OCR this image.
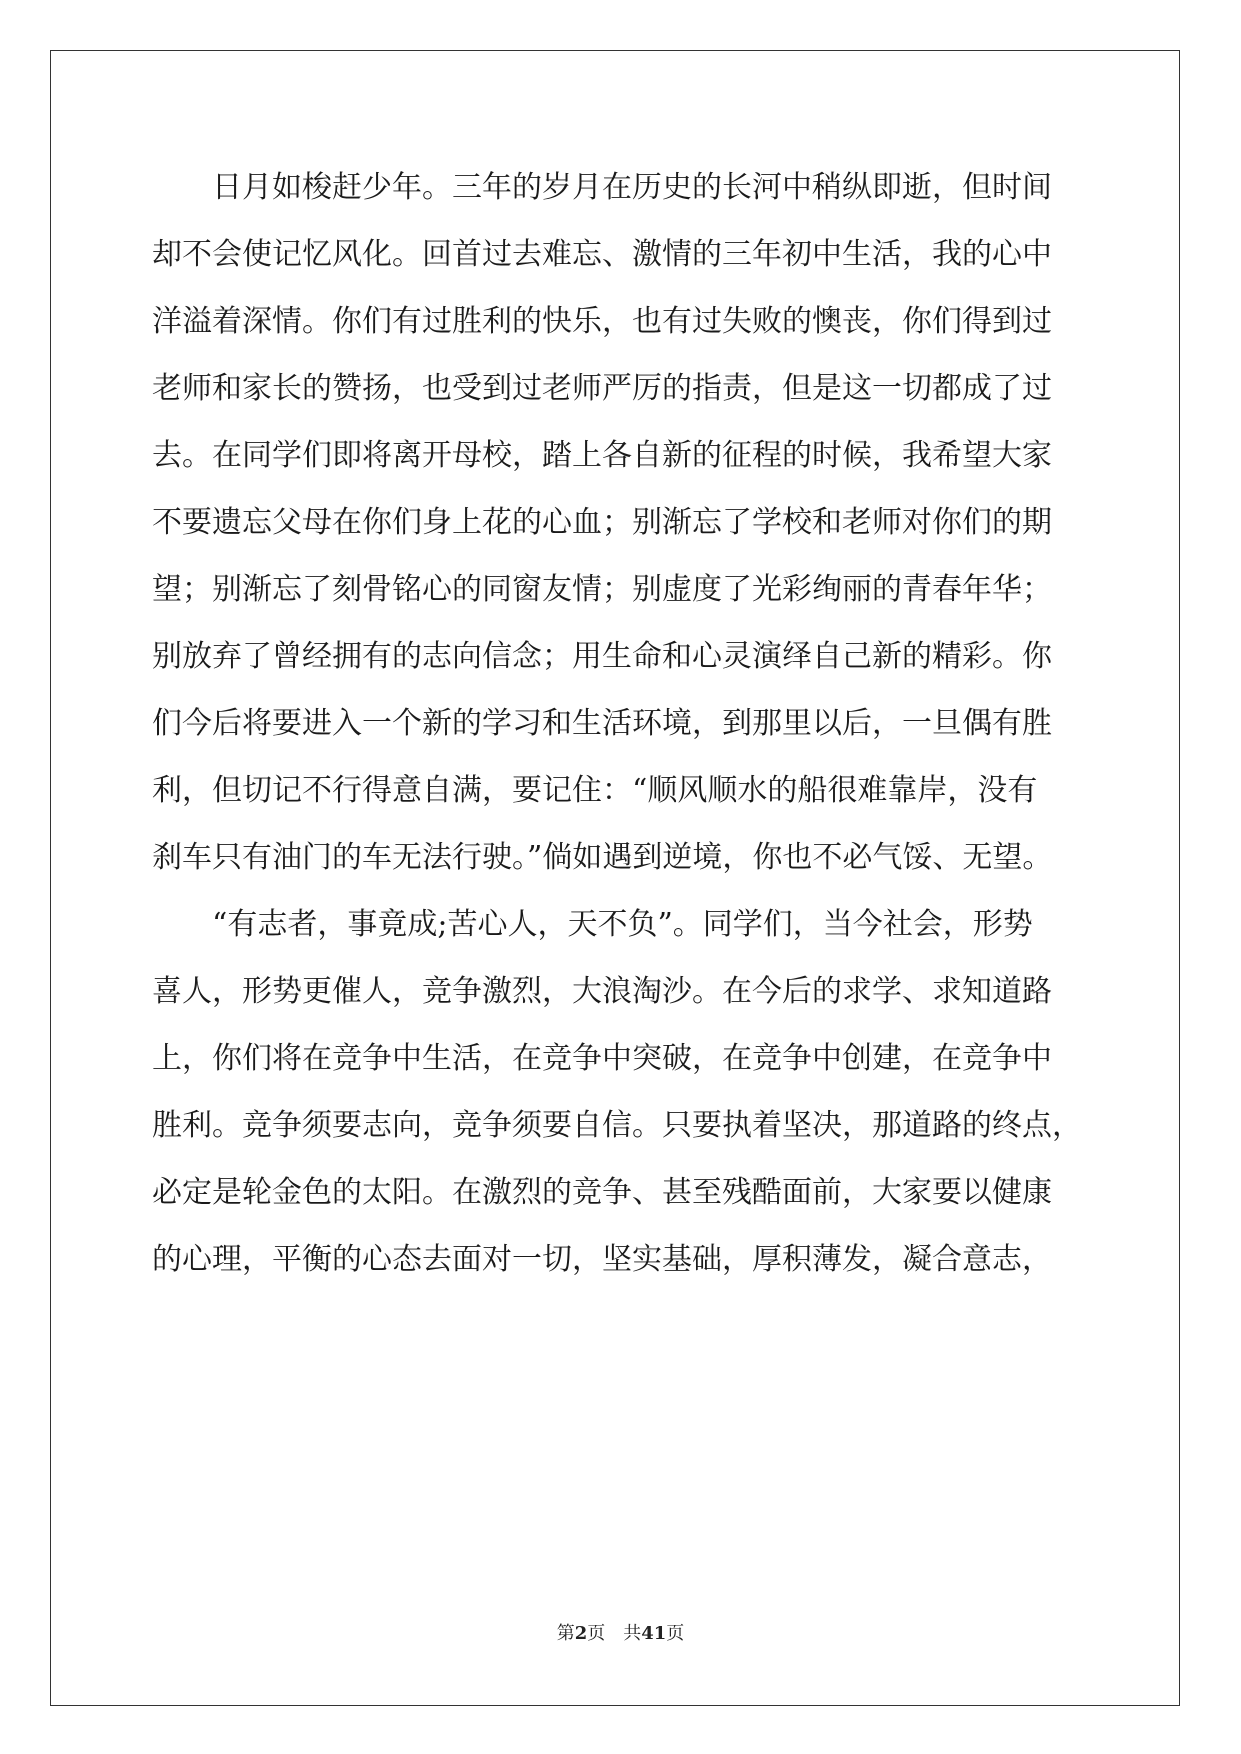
　　日月如梭赶少年。三年的岁月在历史的长河中稍纵即逝，但时间
却不会使记忆风化。回首过去难忘、激情的三年初中生活，我的心中
洋溢着深情。你们有过胜利的快乐，也有过失败的懊丧，你们得到过
老师和家长的赞扬，也受到过老师严厉的指责，但是这一切都成了过
去。在同学们即将离开母校，踏上各自新的征程的时候，我希望大家
不要遗忘父母在你们身上花的心血；别渐忘了学校和老师对你们的期
望；别渐忘了刻骨铭心的同窗友情；别虚度了光彩绚丽的青春年华；
别放弃了曾经拥有的志向信念；用生命和心灵演绎自己新的精彩。你
们今后将要进入一个新的学习和生活环境，到那里以后，一旦偶有胜
利，但切记不行得意自满，要记住：“顺风顺水的船很难靠岸，没有
刹车只有油门的车无法行驶。”倘如遇到逆境，你也不必气馁、无望。
　　“有志者，事竟成;苦心人，天不负”。同学们，当今社会，形势
喜人，形势更催人，竞争激烈，大浪淘沙。在今后的求学、求知道路
上，你们将在竞争中生活，在竞争中突破，在竞争中创建，在竞争中
胜利。竞争须要志向，竞争须要自信。只要执着坚决，那道路的终点，
必定是轮金色的太阳。在激烈的竞争、甚至残酷面前，大家要以健康
的心理，平衡的心态去面对一切，坚实基础，厚积薄发，凝合意志，
第2页　 共41页
